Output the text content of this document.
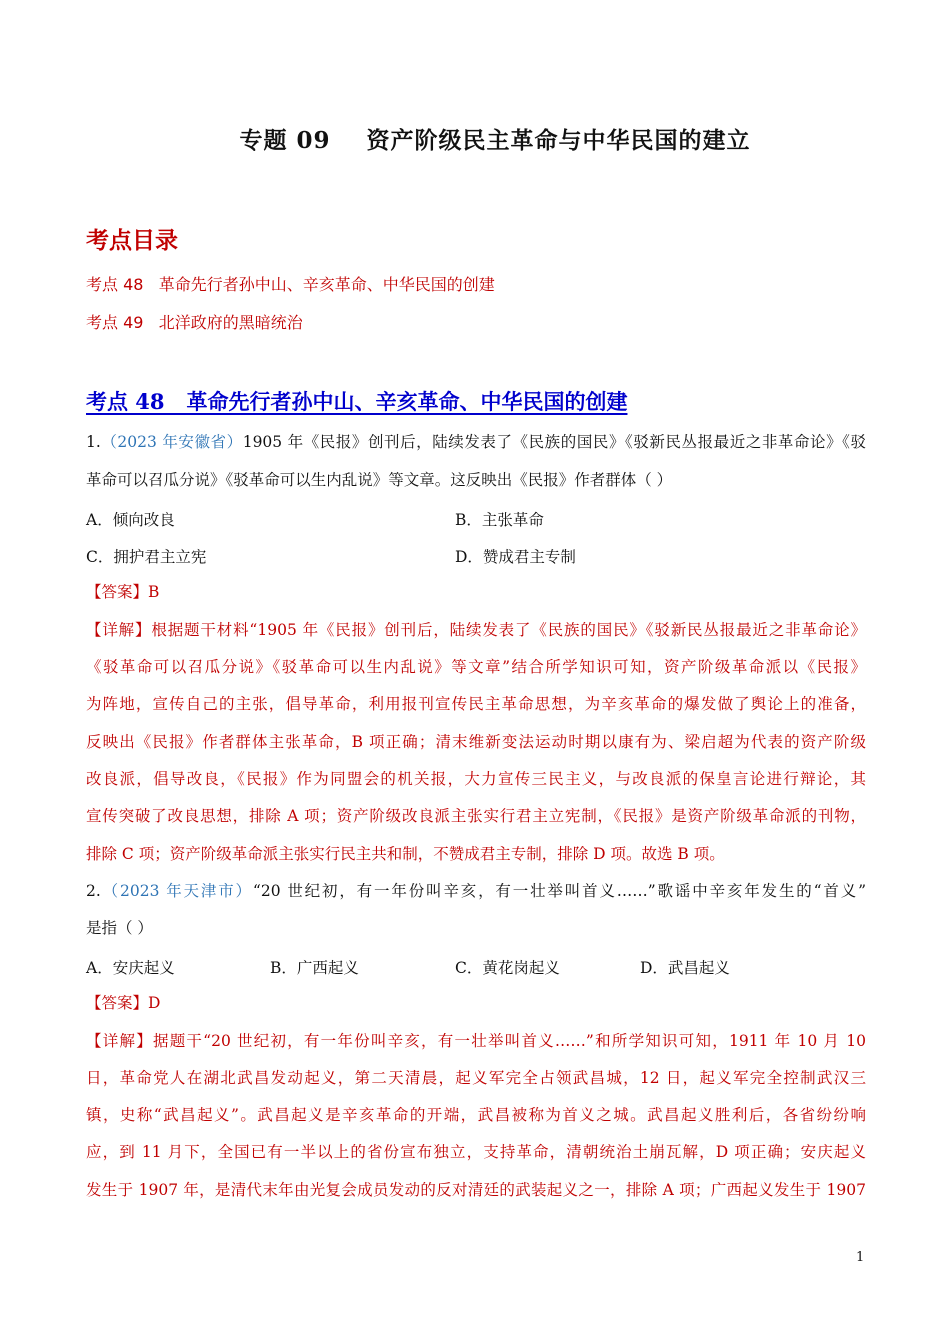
专题 09    资产阶级民主革命与中华民国的建立
考点目录
考点 48   革命先行者孙中山、辛亥革命、中华民国的创建
考点 49   北洋政府的黑暗统治
考点 48   革命先行者孙中山、辛亥革命、中华民国的创建
1.（2023 年安徽省）1905 年《民报》创刊后，陆续发表了《民族的国民》《驳新民丛报最近之非革命论》《驳
革命可以召瓜分说》《驳革命可以生内乱说》等文章。这反映出《民报》作者群体（ ）
A．倾向改良	B．主张革命
C．拥护君主立宪	D．赞成君主专制
【答案】B
【详解】根据题干材料“1905 年《民报》创刊后，陆续发表了《民族的国民》《驳新民丛报最近之非革命论》
《驳革命可以召瓜分说》《驳革命可以生内乱说》等文章”结合所学知识可知，资产阶级革命派以《民报》
为阵地，宣传自己的主张，倡导革命，利用报刊宣传民主革命思想，为辛亥革命的爆发做了舆论上的准备，
反映出《民报》作者群体主张革命，B 项正确；清末维新变法运动时期以康有为、梁启超为代表的资产阶级
改良派，倡导改良，《民报》作为同盟会的机关报，大力宣传三民主义，与改良派的保皇言论进行辩论，其
宣传突破了改良思想，排除 A 项；资产阶级改良派主张实行君主立宪制，《民报》是资产阶级革命派的刊物，
排除 C 项；资产阶级革命派主张实行民主共和制，不赞成君主专制，排除 D 项。故选 B 项。
2.（2023 年天津市）“20 世纪初，有一年份叫辛亥，有一壮举叫首义……”歌谣中辛亥年发生的“首义”
是指（ ）
A．安庆起义	B．广西起义	C．黄花岗起义	D．武昌起义
【答案】D
【详解】据题干“20 世纪初，有一年份叫辛亥，有一壮举叫首义……”和所学知识可知，1911 年 10 月 10
日，革命党人在湖北武昌发动起义，第二天清晨，起义军完全占领武昌城，12 日，起义军完全控制武汉三
镇，史称“武昌起义”。武昌起义是辛亥革命的开端，武昌被称为首义之城。武昌起义胜利后，各省纷纷响
应，到 11 月下，全国已有一半以上的省份宣布独立，支持革命，清朝统治土崩瓦解，D 项正确；安庆起义
发生于 1907 年，是清代末年由光复会成员发动的反对清廷的武装起义之一，排除 A 项；广西起义发生于 1907
1
